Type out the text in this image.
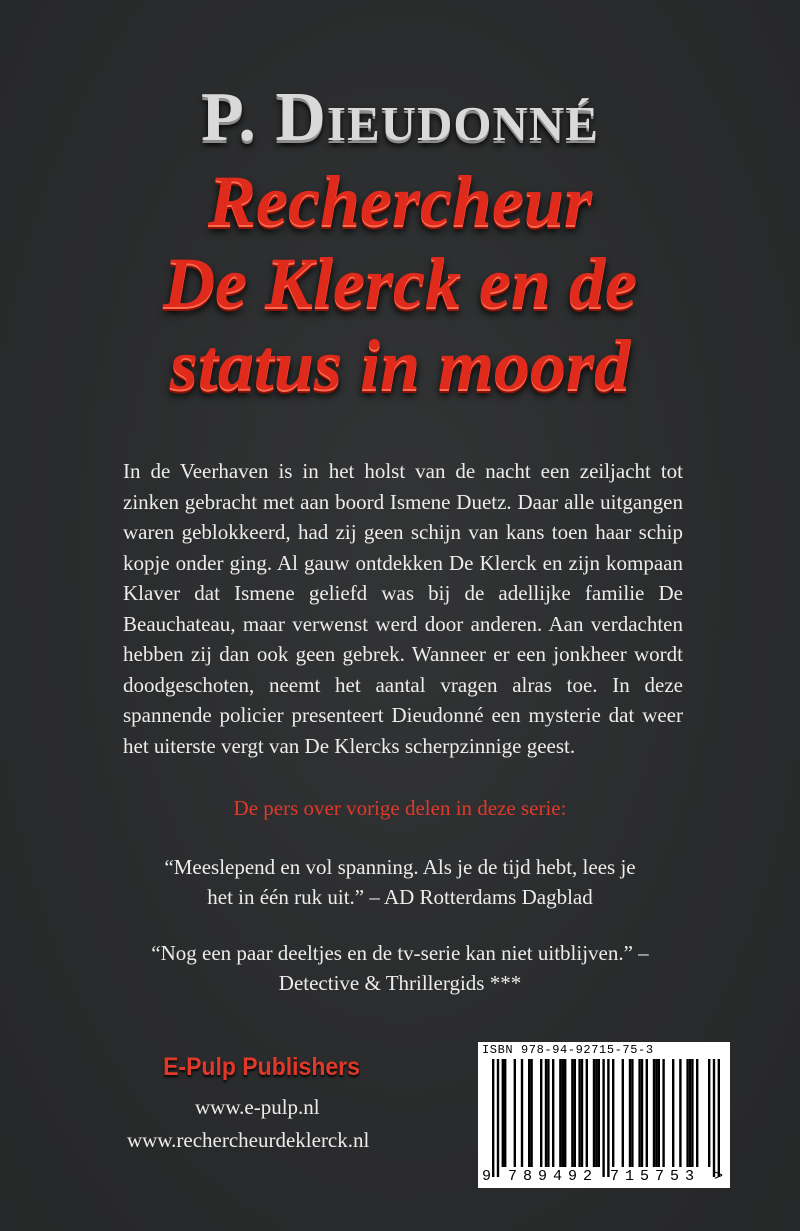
P. Dieudonné
Rechercheur
De Klerck en de
status in moord
In de Veerhaven is in het holst van de nacht een zeiljacht tot zinken gebracht met aan boord Ismene Duetz. Daar alle uitgangen waren geblokkeerd, had zij geen schijn van kans toen haar schip kopje onder ging. Al gauw ontdekken De Klerck en zijn kompaan Klaver dat Ismene geliefd was bij de adellijke familie De Beauchateau, maar verwenst werd door anderen. Aan verdachten hebben zij dan ook geen gebrek. Wanneer er een jonkheer wordt doodgeschoten, neemt het aantal vragen alras toe. In deze spannende policier presenteert Dieudonné een mysterie dat weer het uiterste vergt van De Klercks scherpzinnige geest.
De pers over vorige delen in deze serie:
“Meeslepend en vol spanning. Als je de tijd hebt, lees je
het in één ruk uit.” – AD Rotterdams Dagblad
“Nog een paar deeltjes en de tv-serie kan niet uitblijven.” –
Detective & Thrillergids ***
E-Pulp Publishers
www.e-pulp.nl
www.rechercheurdeklerck.nl
ISBN 978-94-92715-75-3
9 789492 715753 >
